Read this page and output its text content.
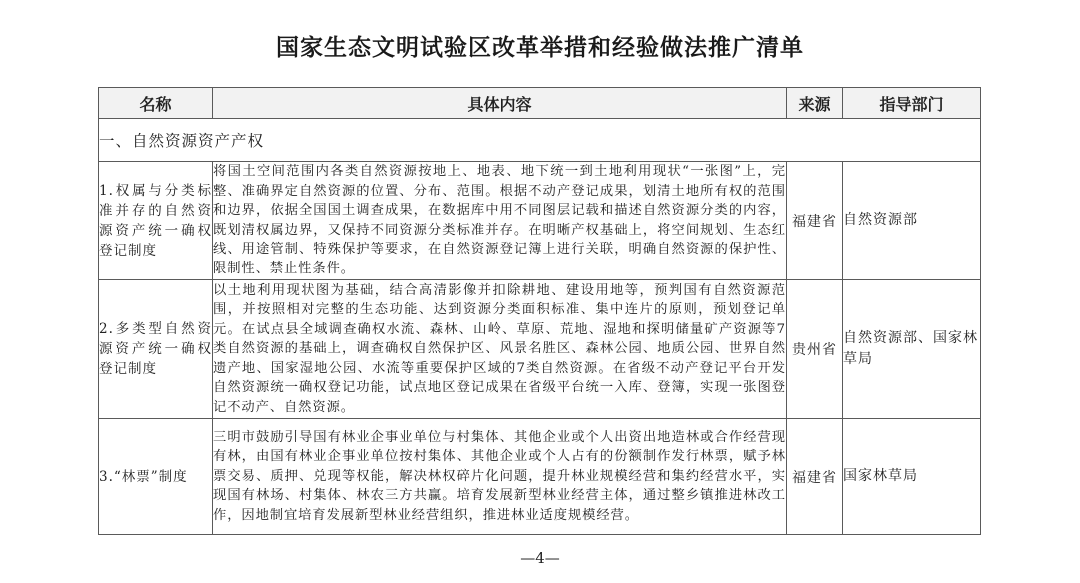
国家生态文明试验区改革举措和经验做法推广清单
名称	具体内容	来源	指导部门
一、自然资源资产产权			
1.权属与分类标准并存的自然资源资产统一确权登记制度	将国土空间范围内各类自然资源按地上、地表、地下统一到土地利用现状“一张图”上，完整、准确界定自然资源的位置、分布、范围。根据不动产登记成果，划清土地所有权的范围和边界，依据全国国土调查成果，在数据库中用不同图层记载和描述自然资源分类的内容，既划清权属边界，又保持不同资源分类标准并存。在明晰产权基础上，将空间规划、生态红线、用途管制、特殊保护等要求，在自然资源登记簿上进行关联，明确自然资源的保护性、限制性、禁止性条件。	福建省	自然资源部
2.多类型自然资源资产统一确权登记制度	以土地利用现状图为基础，结合高清影像并扣除耕地、建设用地等，预判国有自然资源范围，并按照相对完整的生态功能、达到资源分类面积标准、集中连片的原则，预划登记单元。在试点县全域调查确权水流、森林、山岭、草原、荒地、湿地和探明储量矿产资源等7类自然资源的基础上，调查确权自然保护区、风景名胜区、森林公园、地质公园、世界自然遗产地、国家湿地公园、水流等重要保护区域的7类自然资源。在省级不动产登记平台开发自然资源统一确权登记功能，试点地区登记成果在省级平台统一入库、登簿，实现一张图登记不动产、自然资源。	贵州省	自然资源部、国家林草局
3.“林票”制度	三明市鼓励引导国有林业企事业单位与村集体、其他企业或个人出资出地造林或合作经营现有林，由国有林业企事业单位按村集体、其他企业或个人占有的份额制作发行林票，赋予林票交易、质押、兑现等权能，解决林权碎片化问题，提升林业规模经营和集约经营水平，实现国有林场、村集体、林农三方共赢。培育发展新型林业经营主体，通过整乡镇推进林改工作，因地制宜培育发展新型林业经营组织，推进林业适度规模经营。	福建省	国家林草局
—4—
